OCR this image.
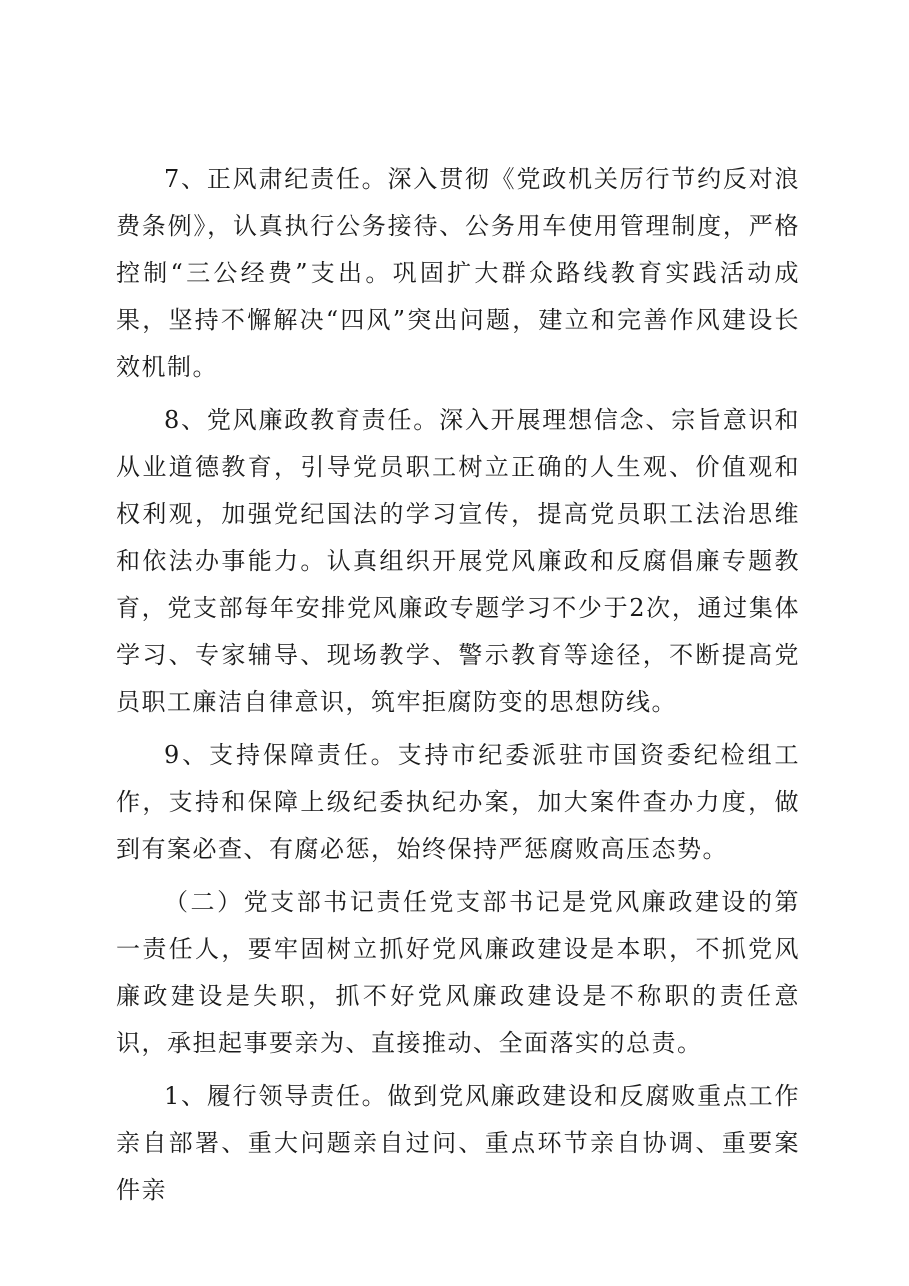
7、正风肃纪责任。深入贯彻《党政机关厉行节约反对浪费条例》，认真执行公务接待、公务用车使用管理制度，严格控制“三公经费”支出。巩固扩大群众路线教育实践活动成果，坚持不懈解决“四风”突出问题，建立和完善作风建设长效机制。

8、党风廉政教育责任。深入开展理想信念、宗旨意识和从业道德教育，引导党员职工树立正确的人生观、价值观和权利观，加强党纪国法的学习宣传，提高党员职工法治思维和依法办事能力。认真组织开展党风廉政和反腐倡廉专题教育，党支部每年安排党风廉政专题学习不少于2次，通过集体学习、专家辅导、现场教学、警示教育等途径，不断提高党员职工廉洁自律意识，筑牢拒腐防变的思想防线。

9、支持保障责任。支持市纪委派驻市国资委纪检组工作，支持和保障上级纪委执纪办案，加大案件查办力度，做到有案必查、有腐必惩，始终保持严惩腐败高压态势。

（二）党支部书记责任党支部书记是党风廉政建设的第一责任人，要牢固树立抓好党风廉政建设是本职，不抓党风廉政建设是失职，抓不好党风廉政建设是不称职的责任意识，承担起事要亲为、直接推动、全面落实的总责。

1、履行领导责任。做到党风廉政建设和反腐败重点工作亲自部署、重大问题亲自过问、重点环节亲自协调、重要案件亲
